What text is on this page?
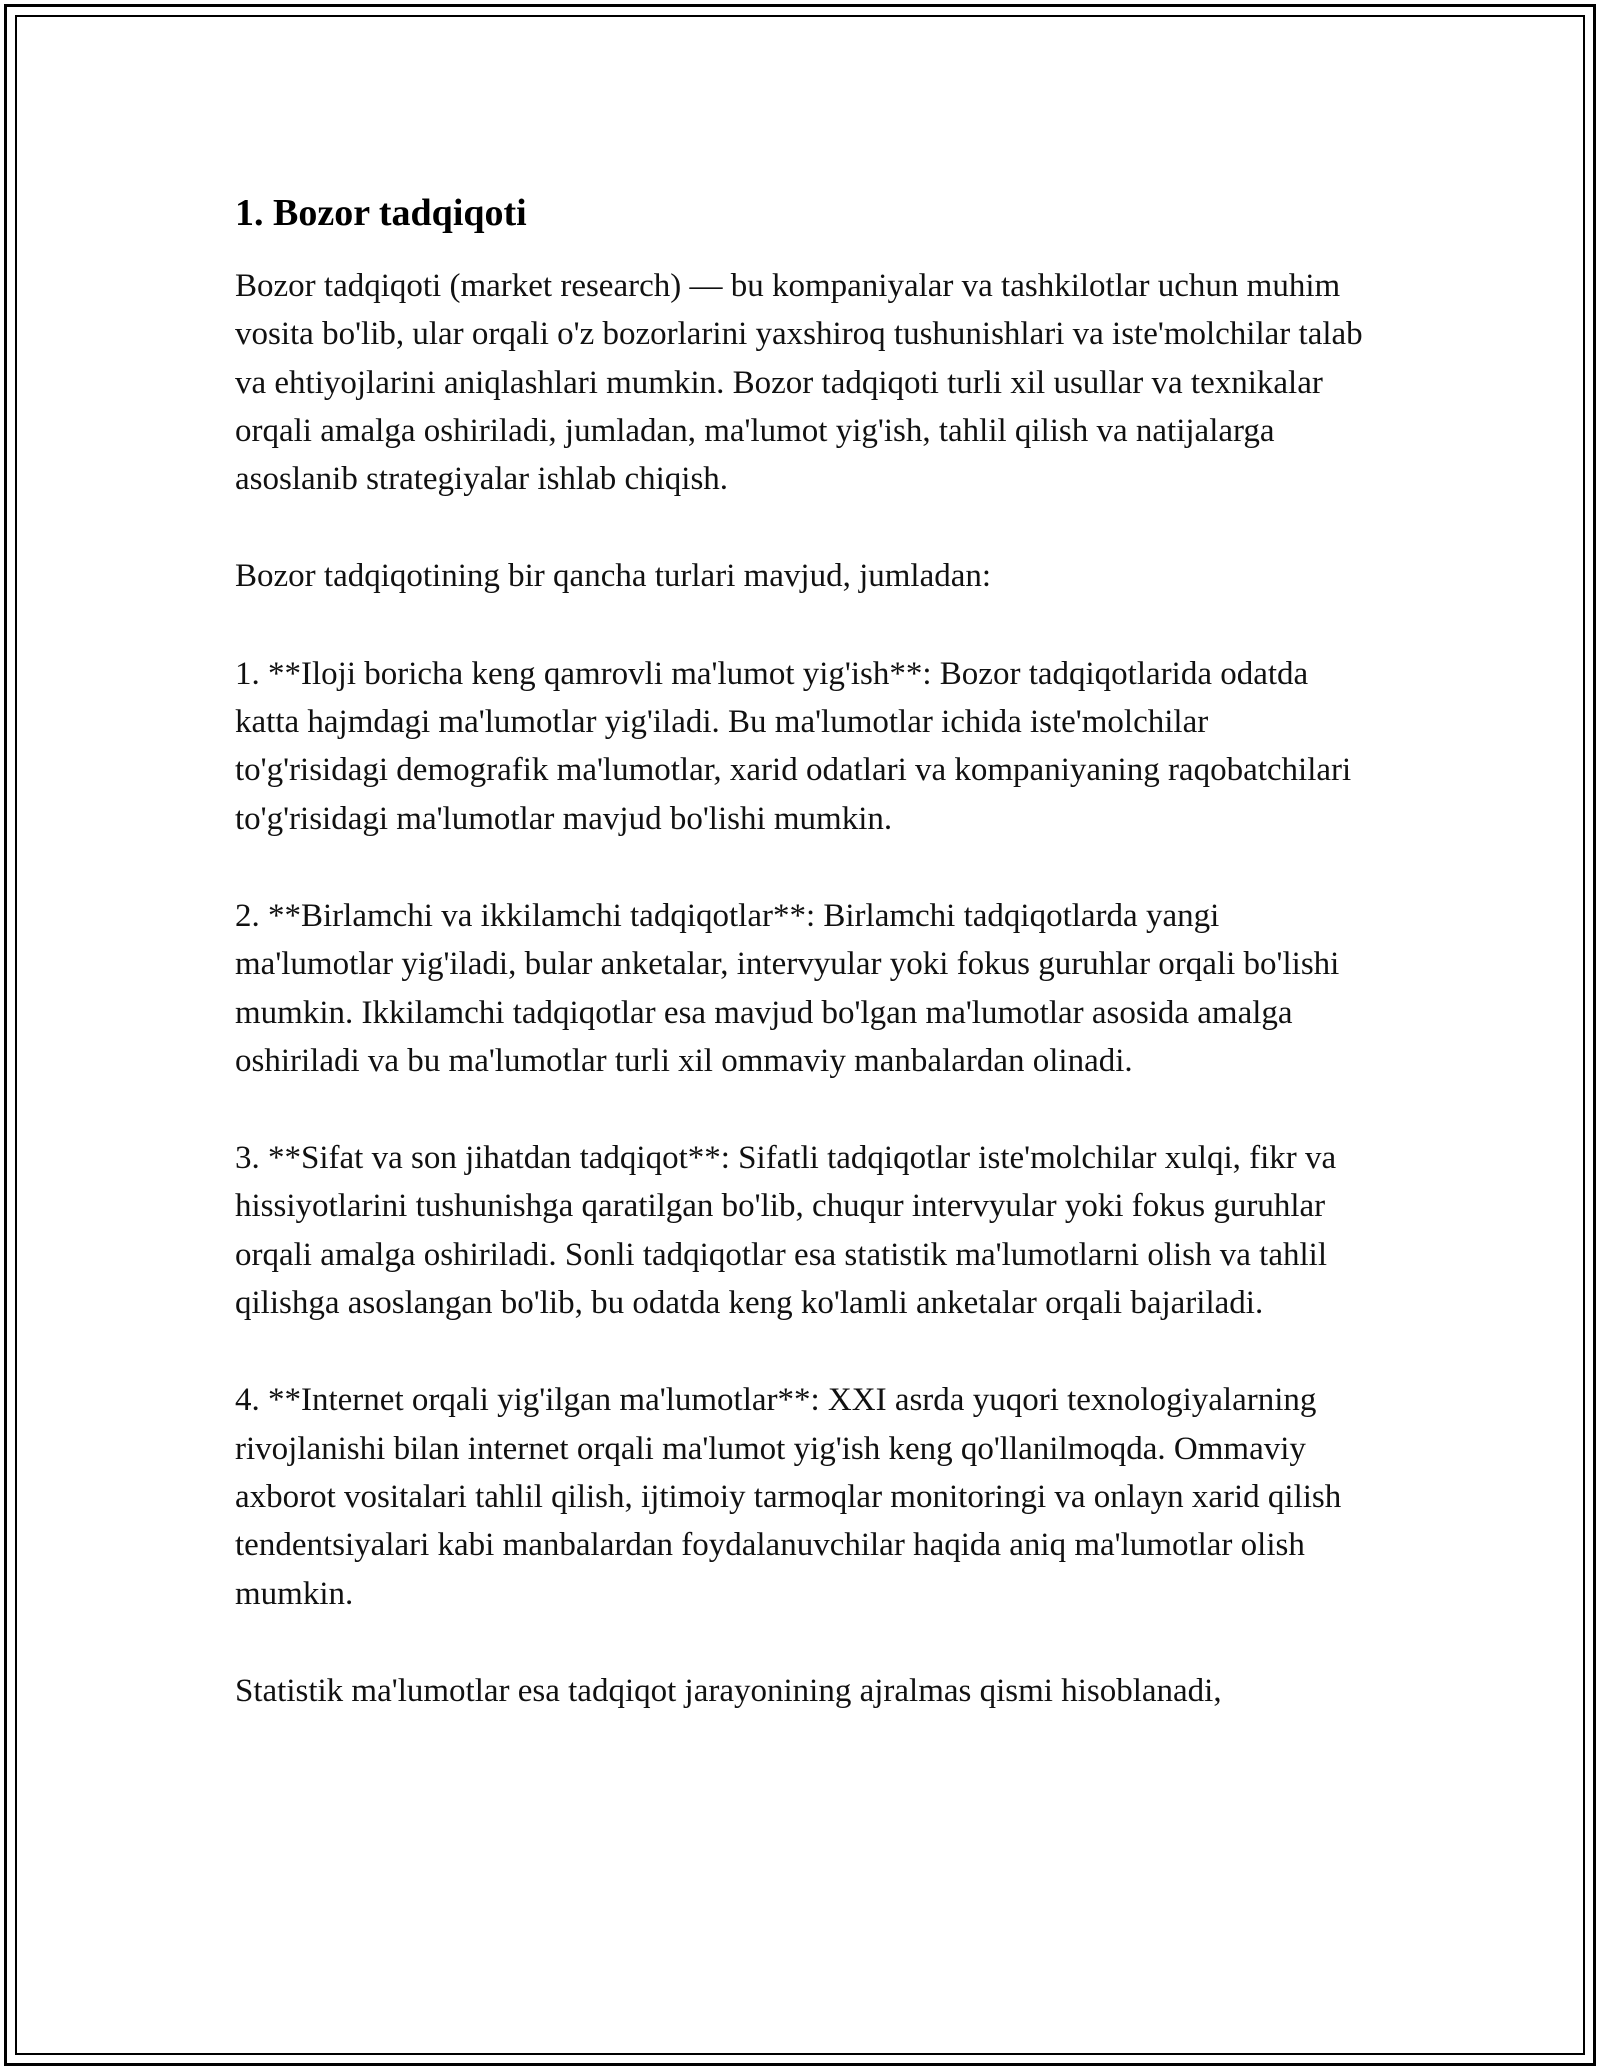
1. Bozor tadqiqoti

Bozor tadqiqoti (market research) — bu kompaniyalar va tashkilotlar uchun muhim vosita bo'lib, ular orqali o'z bozorlarini yaxshiroq tushunishlari va iste'molchilar talab va ehtiyojlarini aniqlashlari mumkin. Bozor tadqiqoti turli xil usullar va texnikalar orqali amalga oshiriladi, jumladan, ma'lumot yig'ish, tahlil qilish va natijalarga asoslanib strategiyalar ishlab chiqish.

Bozor tadqiqotining bir qancha turlari mavjud, jumladan:

1. **Iloji boricha keng qamrovli ma'lumot yig'ish**: Bozor tadqiqotlarida odatda katta hajmdagi ma'lumotlar yig'iladi. Bu ma'lumotlar ichida iste'molchilar to'g'risidagi demografik ma'lumotlar, xarid odatlari va kompaniyaning raqobatchilari to'g'risidagi ma'lumotlar mavjud bo'lishi mumkin.

2. **Birlamchi va ikkilamchi tadqiqotlar**: Birlamchi tadqiqotlarda yangi ma'lumotlar yig'iladi, bular anketalar, intervyular yoki fokus guruhlar orqali bo'lishi mumkin. Ikkilamchi tadqiqotlar esa mavjud bo'lgan ma'lumotlar asosida amalga oshiriladi va bu ma'lumotlar turli xil ommaviy manbalardan olinadi.

3. **Sifat va son jihatdan tadqiqot**: Sifatli tadqiqotlar iste'molchilar xulqi, fikr va hissiyotlarini tushunishga qaratilgan bo'lib, chuqur intervyular yoki fokus guruhlar orqali amalga oshiriladi. Sonli tadqiqotlar esa statistik ma'lumotlarni olish va tahlil qilishga asoslangan bo'lib, bu odatda keng ko'lamli anketalar orqali bajariladi.

4. **Internet orqali yig'ilgan ma'lumotlar**: XXI asrda yuqori texnologiyalarning rivojlanishi bilan internet orqali ma'lumot yig'ish keng qo'llanilmoqda. Ommaviy axborot vositalari tahlil qilish, ijtimoiy tarmoqlar monitoringi va onlayn xarid qilish tendentsiyalari kabi manbalardan foydalanuvchilar haqida aniq ma'lumotlar olish mumkin.

Statistik ma'lumotlar esa tadqiqot jarayonining ajralmas qismi hisoblanadi,
